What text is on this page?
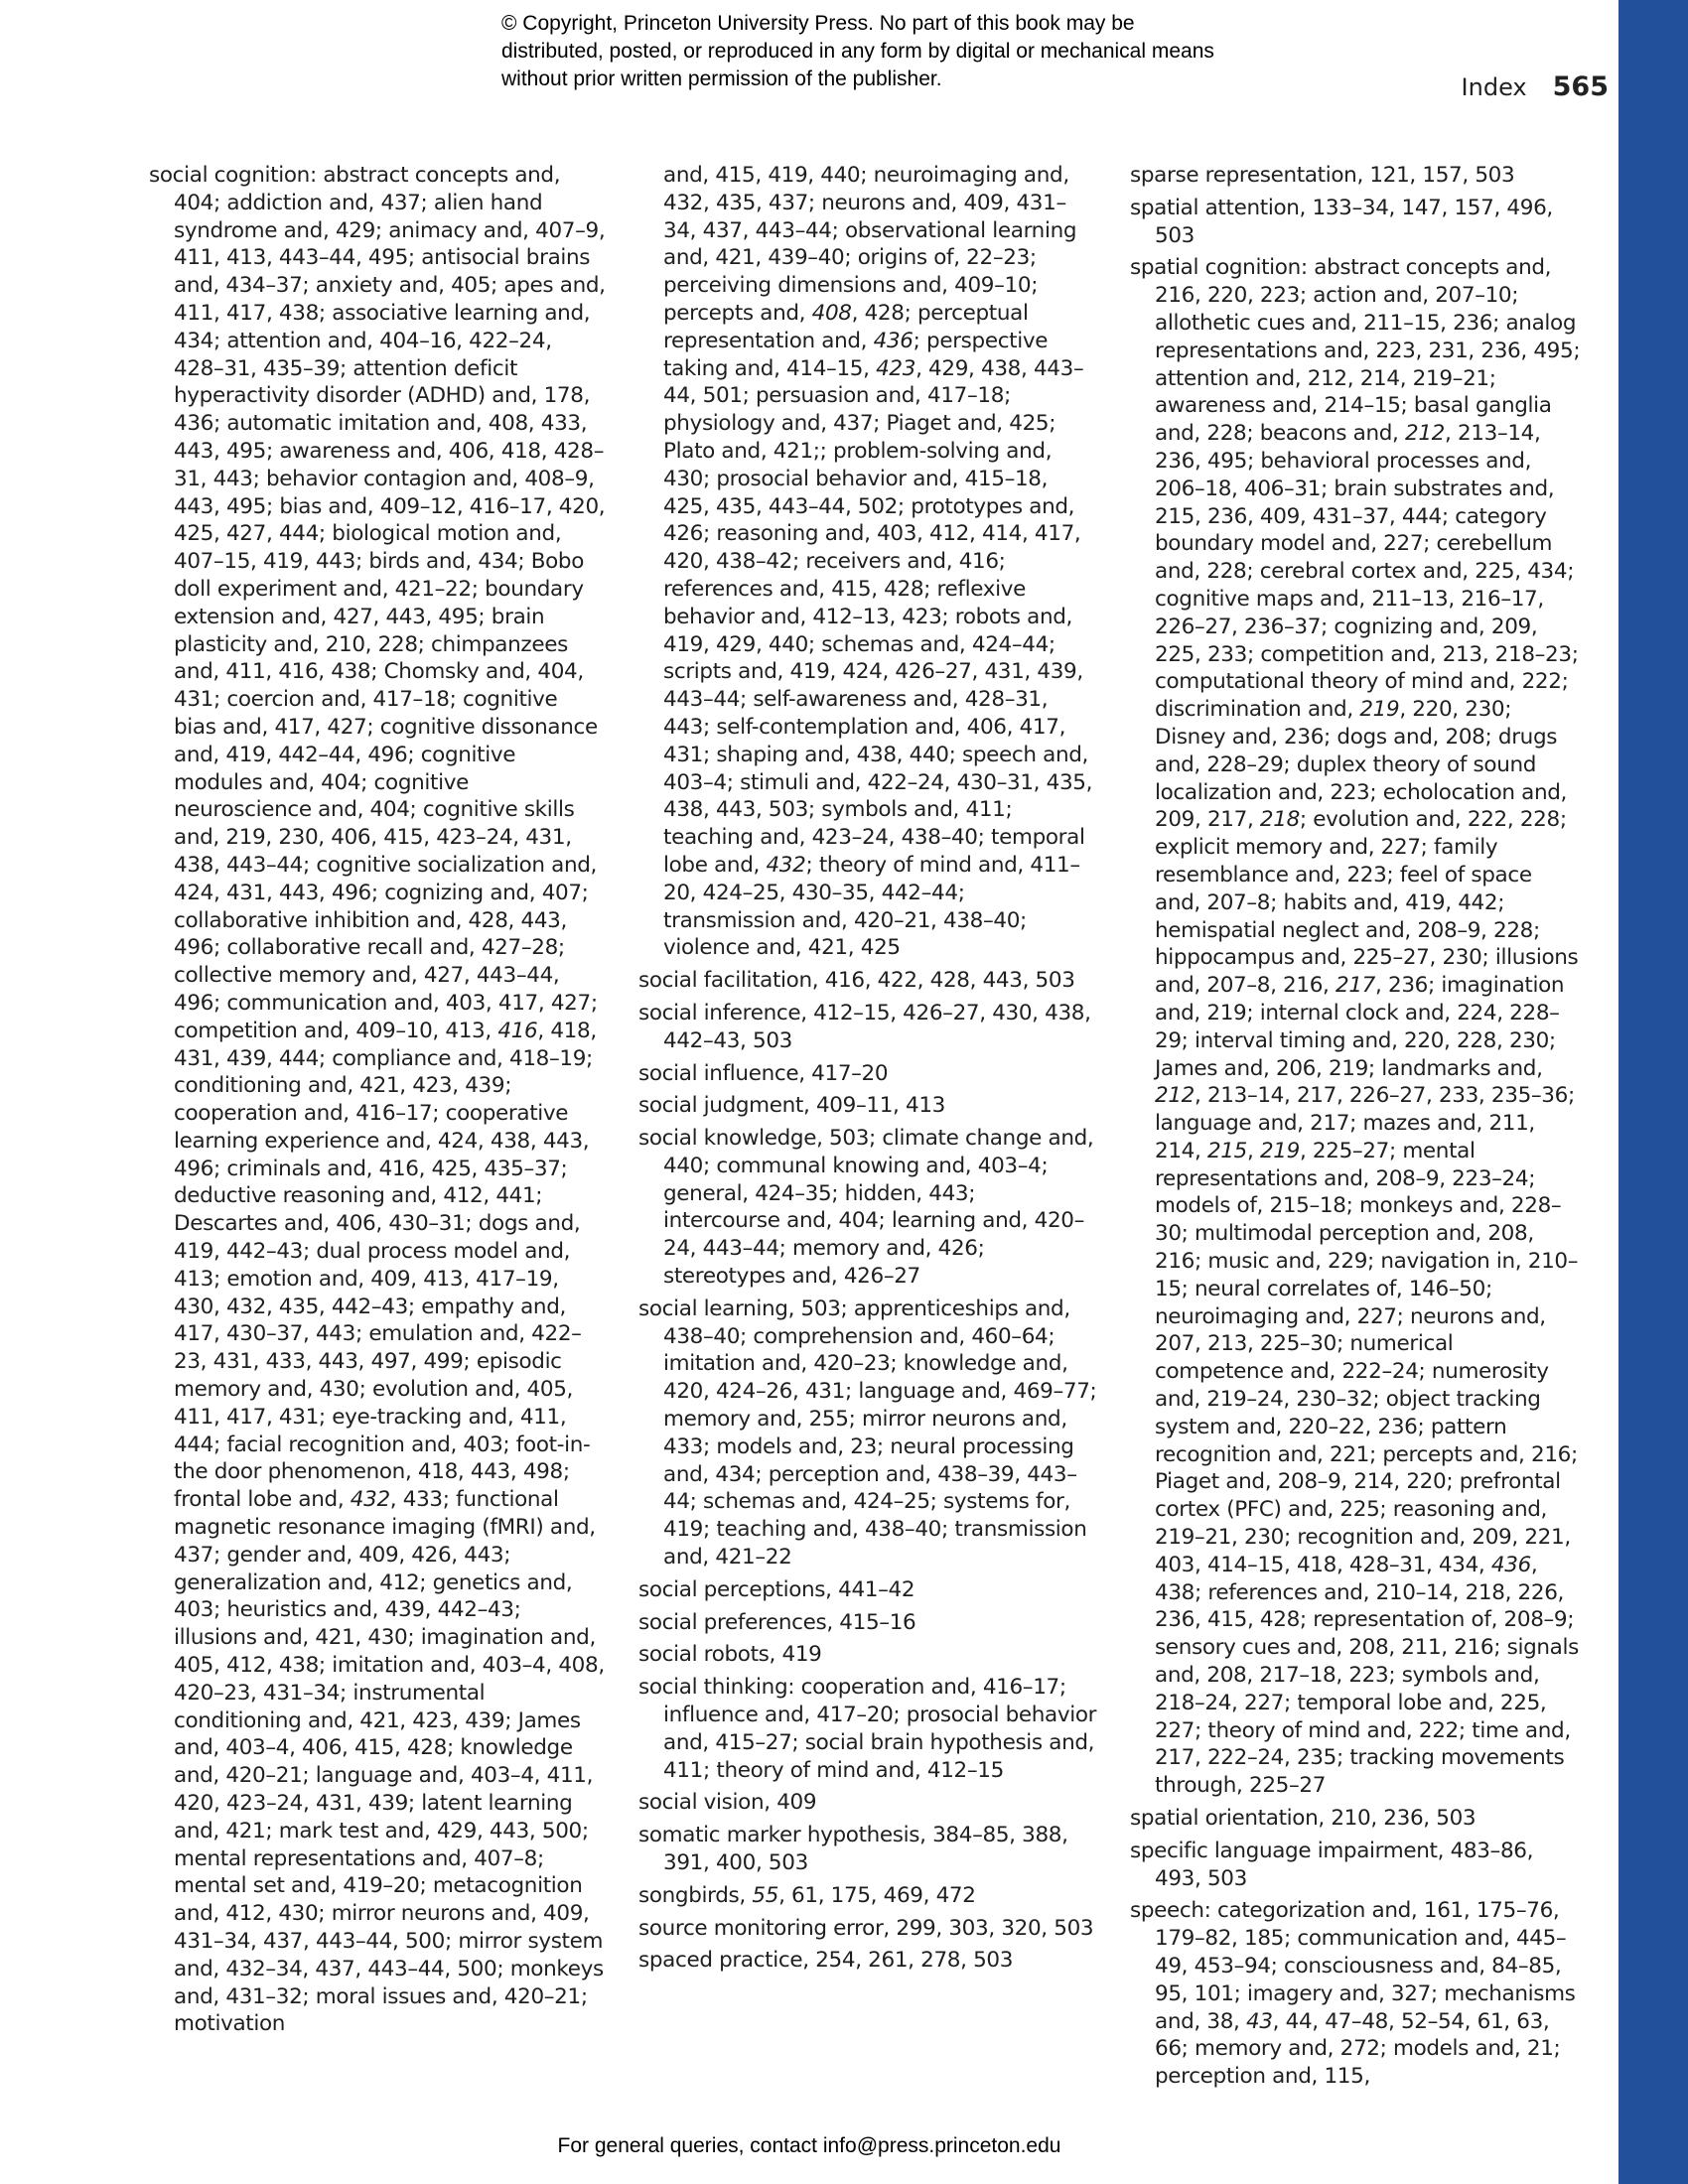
© Copyright, Princeton University Press. No part of this book may be distributed, posted, or reproduced in any form by digital or mechanical means without prior written permission of the publisher.	Index 565

social cognition: abstract concepts and, 404; addiction and, 437; alien hand syndrome and, 429; animacy and, 407–9, 411, 413, 443–44, 495; antisocial brains and, 434–37; anxiety and, 405; apes and, 411, 417, 438; associative learning and, 434; attention and, 404–16, 422–24, 428–31, 435–39; attention deficit hyperactivity disorder (ADHD) and, 178, 436; automatic imitation and, 408, 433, 443, 495; awareness and, 406, 418, 428–31, 443; behavior contagion and, 408–9, 443, 495; bias and, 409–12, 416–17, 420, 425, 427, 444; biological motion and, 407–15, 419, 443; birds and, 434; Bobo doll experiment and, 421–22; boundary extension and, 427, 443, 495; brain plasticity and, 210, 228; chimpanzees and, 411, 416, 438; Chomsky and, 404, 431; coercion and, 417–18; cognitive bias and, 417, 427; cognitive dissonance and, 419, 442–44, 496; cognitive modules and, 404; cognitive neuroscience and, 404; cognitive skills and, 219, 230, 406, 415, 423–24, 431, 438, 443–44; cognitive socialization and, 424, 431, 443, 496; cognizing and, 407; collaborative inhibition and, 428, 443, 496; collaborative recall and, 427–28; collective memory and, 427, 443–44, 496; communication and, 403, 417, 427; competition and, 409–10, 413, 416, 418, 431, 439, 444; compliance and, 418–19; conditioning and, 421, 423, 439; cooperation and, 416–17; cooperative learning experience and, 424, 438, 443, 496; criminals and, 416, 425, 435–37; deductive reasoning and, 412, 441; Descartes and, 406, 430–31; dogs and, 419, 442–43; dual process model and, 413; emotion and, 409, 413, 417–19, 430, 432, 435, 442–43; empathy and, 417, 430–37, 443; emulation and, 422–23, 431, 433, 443, 497, 499; episodic memory and, 430; evolution and, 405, 411, 417, 431; eye-tracking and, 411, 444; facial recognition and, 403; foot-in-the door phenomenon, 418, 443, 498; frontal lobe and, 432, 433; functional magnetic resonance imaging (fMRI) and, 437; gender and, 409, 426, 443; generalization and, 412; genetics and, 403; heuristics and, 439, 442–43; illusions and, 421, 430; imagination and, 405, 412, 438; imitation and, 403–4, 408, 420–23, 431–34; instrumental conditioning and, 421, 423, 439; James and, 403–4, 406, 415, 428; knowledge and, 420–21; language and, 403–4, 411, 420, 423–24, 431, 439; latent learning and, 421; mark test and, 429, 443, 500; mental representations and, 407–8; mental set and, 419–20; metacognition and, 412, 430; mirror neurons and, 409, 431–34, 437, 443–44, 500; mirror system and, 432–34, 437, 443–44, 500; monkeys and, 431–32; moral issues and, 420–21; motivation

and, 415, 419, 440; neuroimaging and, 432, 435, 437; neurons and, 409, 431–34, 437, 443–44; observational learning and, 421, 439–40; origins of, 22–23; perceiving dimensions and, 409–10; percepts and, 408, 428; perceptual representation and, 436; perspective taking and, 414–15, 423, 429, 438, 443–44, 501; persuasion and, 417–18; physiology and, 437; Piaget and, 425; Plato and, 421;; problem-solving and, 430; prosocial behavior and, 415–18, 425, 435, 443–44, 502; prototypes and, 426; reasoning and, 403, 412, 414, 417, 420, 438–42; receivers and, 416; references and, 415, 428; reflexive behavior and, 412–13, 423; robots and, 419, 429, 440; schemas and, 424–44; scripts and, 419, 424, 426–27, 431, 439, 443–44; self-awareness and, 428–31, 443; self-contemplation and, 406, 417, 431; shaping and, 438, 440; speech and, 403–4; stimuli and, 422–24, 430–31, 435, 438, 443, 503; symbols and, 411; teaching and, 423–24, 438–40; temporal lobe and, 432; theory of mind and, 411–20, 424–25, 430–35, 442–44; transmission and, 420–21, 438–40; violence and, 421, 425

social facilitation, 416, 422, 428, 443, 503

social inference, 412–15, 426–27, 430, 438, 442–43, 503

social influence, 417–20

social judgment, 409–11, 413

social knowledge, 503; climate change and, 440; communal knowing and, 403–4; general, 424–35; hidden, 443; intercourse and, 404; learning and, 420–24, 443–44; memory and, 426; stereotypes and, 426–27

social learning, 503; apprenticeships and, 438–40; comprehension and, 460–64; imitation and, 420–23; knowledge and, 420, 424–26, 431; language and, 469–77; memory and, 255; mirror neurons and, 433; models and, 23; neural processing and, 434; perception and, 438–39, 443–44; schemas and, 424–25; systems for, 419; teaching and, 438–40; transmission and, 421–22

social perceptions, 441–42

social preferences, 415–16

social robots, 419

social thinking: cooperation and, 416–17; influence and, 417–20; prosocial behavior and, 415–27; social brain hypothesis and, 411; theory of mind and, 412–15

social vision, 409

somatic marker hypothesis, 384–85, 388, 391, 400, 503

songbirds, 55, 61, 175, 469, 472

source monitoring error, 299, 303, 320, 503

spaced practice, 254, 261, 278, 503

sparse representation, 121, 157, 503

spatial attention, 133–34, 147, 157, 496, 503

spatial cognition: abstract concepts and, 216, 220, 223; action and, 207–10; allothetic cues and, 211–15, 236; analog representations and, 223, 231, 236, 495; attention and, 212, 214, 219–21; awareness and, 214–15; basal ganglia and, 228; beacons and, 212, 213–14, 236, 495; behavioral processes and, 206–18, 406–31; brain substrates and, 215, 236, 409, 431–37, 444; category boundary model and, 227; cerebellum and, 228; cerebral cortex and, 225, 434; cognitive maps and, 211–13, 216–17, 226–27, 236–37; cognizing and, 209, 225, 233; competition and, 213, 218–23; computational theory of mind and, 222; discrimination and, 219, 220, 230; Disney and, 236; dogs and, 208; drugs and, 228–29; duplex theory of sound localization and, 223; echolocation and, 209, 217, 218; evolution and, 222, 228; explicit memory and, 227; family resemblance and, 223; feel of space and, 207–8; habits and, 419, 442; hemispatial neglect and, 208–9, 228; hippocampus and, 225–27, 230; illusions and, 207–8, 216, 217, 236; imagination and, 219; internal clock and, 224, 228–29; interval timing and, 220, 228, 230; James and, 206, 219; landmarks and, 212, 213–14, 217, 226–27, 233, 235–36; language and, 217; mazes and, 211, 214, 215, 219, 225–27; mental representations and, 208–9, 223–24; models of, 215–18; monkeys and, 228–30; multimodal perception and, 208, 216; music and, 229; navigation in, 210–15; neural correlates of, 146–50; neuroimaging and, 227; neurons and, 207, 213, 225–30; numerical competence and, 222–24; numerosity and, 219–24, 230–32; object tracking system and, 220–22, 236; pattern recognition and, 221; percepts and, 216; Piaget and, 208–9, 214, 220; prefrontal cortex (PFC) and, 225; reasoning and, 219–21, 230; recognition and, 209, 221, 403, 414–15, 418, 428–31, 434, 436, 438; references and, 210–14, 218, 226, 236, 415, 428; representation of, 208–9; sensory cues and, 208, 211, 216; signals and, 208, 217–18, 223; symbols and, 218–24, 227; temporal lobe and, 225, 227; theory of mind and, 222; time and, 217, 222–24, 235; tracking movements through, 225–27

spatial orientation, 210, 236, 503

specific language impairment, 483–86, 493, 503

speech: categorization and, 161, 175–76, 179–82, 185; communication and, 445–49, 453–94; consciousness and, 84–85, 95, 101; imagery and, 327; mechanisms and, 38, 43, 44, 47–48, 52–54, 61, 63, 66; memory and, 272; models and, 21; perception and, 115,

For general queries, contact info@press.princeton.edu
